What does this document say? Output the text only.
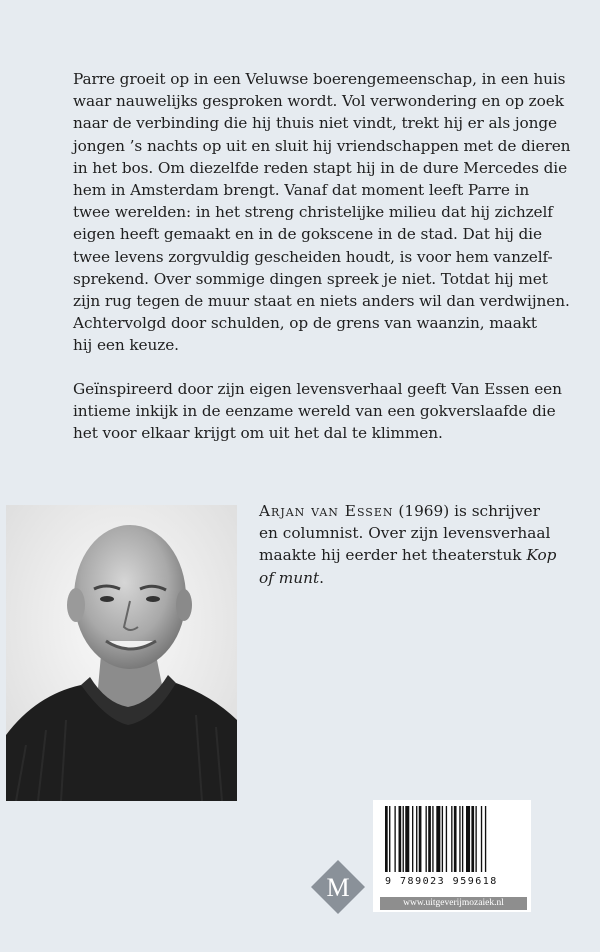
Parre groeit op in een Veluwse boerengemeenschap, in een huis

waar nauwelijks gesproken wordt. Vol verwondering en op zoek

naar de verbinding die hij thuis niet vindt, trekt hij er als jonge

jongen ’s nachts op uit en sluit hij vriendschappen met de dieren

in het bos. Om diezelfde reden stapt hij in de dure Mercedes die

hem in Amsterdam brengt. Vanaf dat moment leeft Parre in

twee werelden: in het streng christelijke milieu dat hij zichzelf

eigen heeft gemaakt en in de gokscene in de stad. Dat hij die

twee levens zorgvuldig gescheiden houdt, is voor hem vanzelf-

sprekend. Over sommige dingen spreek je niet. Totdat hij met

zijn rug tegen de muur staat en niets anders wil dan verdwijnen.

Achtervolgd door schulden, op de grens van waanzin, maakt

hij een keuze.

Geïnspireerd door zijn eigen levensverhaal geeft Van Essen een

intieme inkijk in de eenzame wereld van een gokverslaafde die

het voor elkaar krijgt om uit het dal te klimmen.

Arjan van Essen (1969) is schrijver
en columnist. Over zijn levensverhaal
maakte hij eerder het theaterstuk Kop
of munt.
M	9 789023 959618
www.uitgeverijmozaiek.nl
